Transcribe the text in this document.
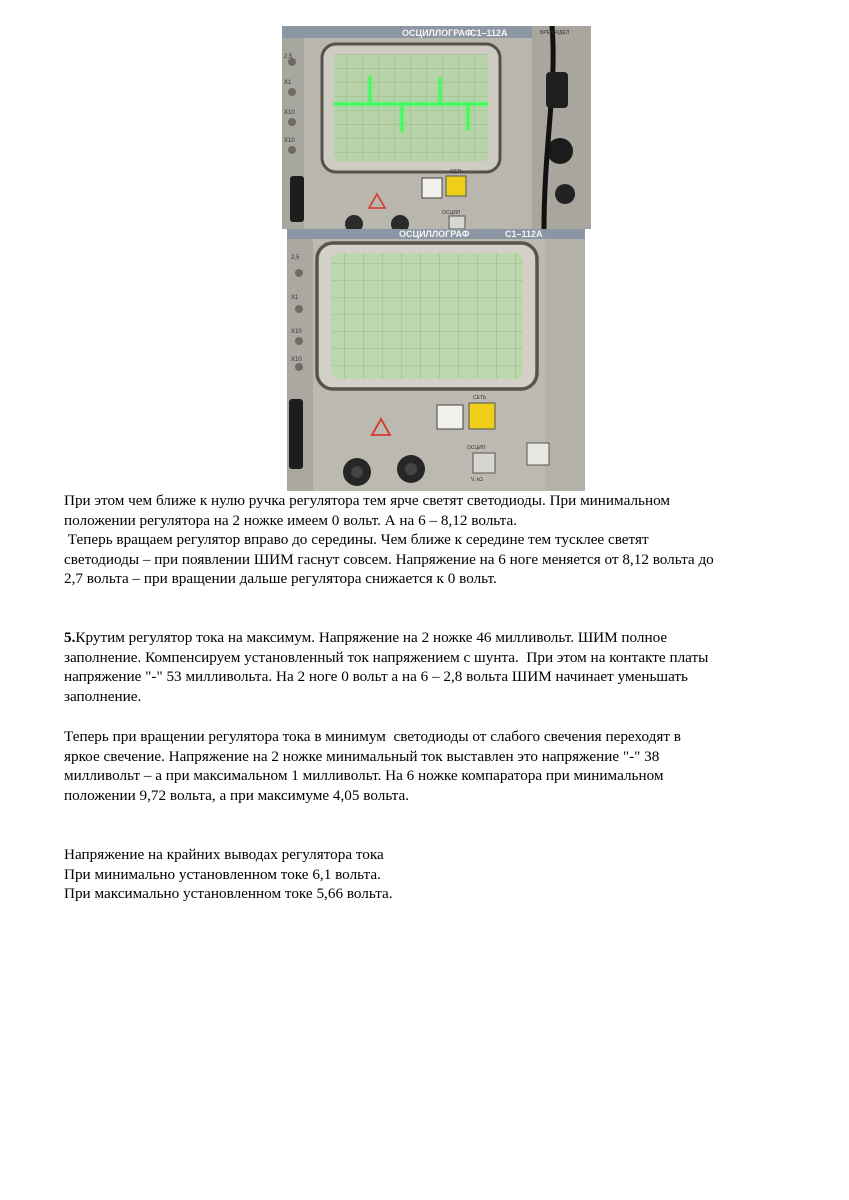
ОСЦИЛЛОГРАФ
С1–112А
2,5
Х1
Х10
Х10
СЕТЬ
ОСЦИЛ
ВРЕМЯ/ДЕЛ
ОСЦИЛЛОГРАФ	С1–112А
2,5
Х1
Х10
Х10
СЕТЬ
ОСЦИЛ
V, kΩ

При этом чем ближе к нулю ручка регулятора тем ярче светят светодиоды. При минимальном

положении регулятора на 2 ножке имеем 0 вольт. А на 6 – 8,12 вольта.

Теперь вращаем регулятор вправо до середины. Чем ближе к середине тем тусклее светят

светодиоды – при появлении ШИМ гаснут совсем. Напряжение на 6 ноге меняется от 8,12 вольта до

2,7 вольта – при вращении дальше регулятора снижается к 0 вольт.

5.Крутим регулятор тока на максимум. Напряжение на 2 ножке 46 милливольт. ШИМ полное

заполнение. Компенсируем установленный ток напряжением с шунта.  При этом на контакте платы

напряжение "-" 53 милливольта. На 2 ноге 0 вольт а на 6 – 2,8 вольта ШИМ начинает уменьшать

заполнение.

Теперь при вращении регулятора тока в минимум  светодиоды от слабого свечения переходят в

яркое свечение. Напряжение на 2 ножке минимальный ток выставлен это напряжение "-" 38

милливольт – а при максимальном 1 милливольт. На 6 ножке компаратора при минимальном

положении 9,72 вольта, а при максимуме 4,05 вольта.

Напряжение на крайних выводах регулятора тока

При минимально установленном токе 6,1 вольта.

При максимально установленном токе 5,66 вольта.
